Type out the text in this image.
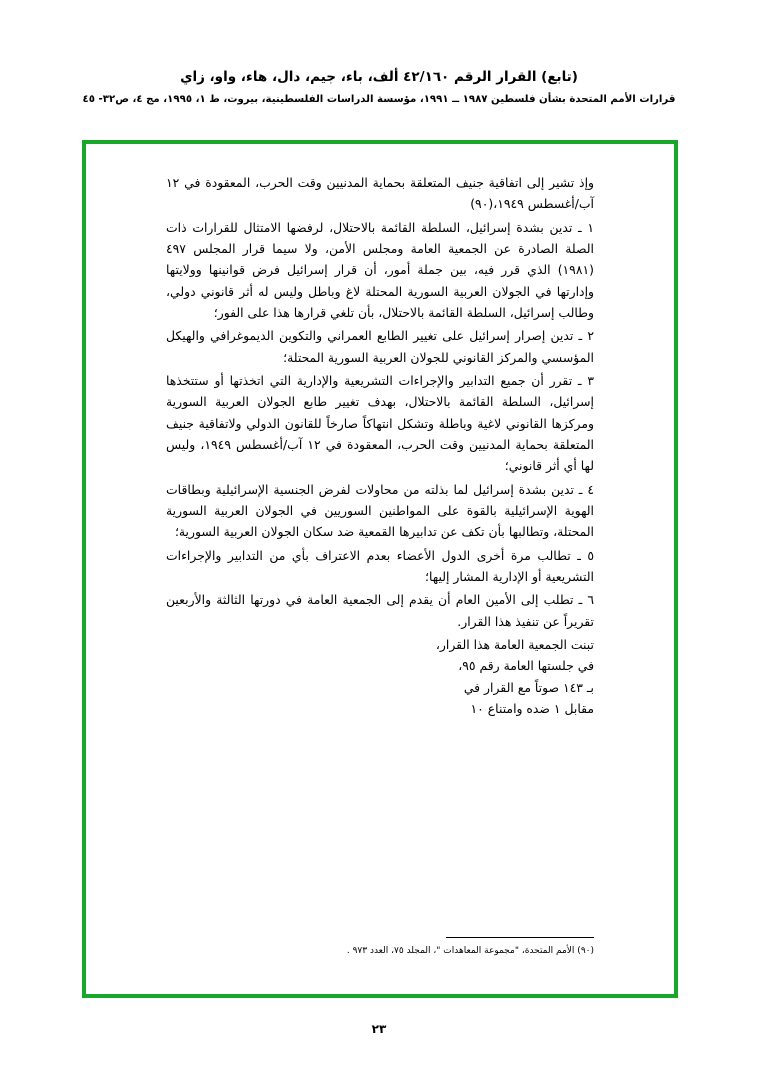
(تابع) القرار الرقم ٤٢/١٦٠ ألف، باء، جيم، دال، هاء، واو، زاي
قرارات الأمم المتحدة بشأن فلسطين ١٩٨٧ ــ ١٩٩١، مؤسسة الدراسات الفلسطينية، بيروت، ط ١، ١٩٩٥، مج ٤، ص٣٢- ٤٥

وإذ تشير إلى اتفاقية جنيف المتعلقة بحماية المدنيين وقت الحرب، المعقودة في ١٢ آب/أغسطس ١٩٤٩،(٩٠)

١ ـ تدين بشدة إسرائيل، السلطة القائمة بالاحتلال، لرفضها الامتثال للقرارات ذات الصلة الصادرة عن الجمعية العامة ومجلس الأمن، ولا سيما قرار المجلس ٤٩٧ (١٩٨١) الذي قرر فيه، بين جملة أمور، أن قرار إسرائيل فرض قوانينها وولايتها وإدارتها في الجولان العربية السورية المحتلة لاغ وباطل وليس له أثر قانوني دولي، وطالب إسرائيل، السلطة القائمة بالاحتلال، بأن تلغي قرارها هذا على الفور؛

٢ ـ تدين إصرار إسرائيل على تغيير الطابع العمراني والتكوين الديموغرافي والهيكل المؤسسي والمركز القانوني للجولان العربية السورية المحتلة؛

٣ ـ تقرر أن جميع التدابير والإجراءات التشريعية والإدارية التي اتخذتها أو ستتخذها إسرائيل، السلطة القائمة بالاحتلال، بهدف تغيير طابع الجولان العربية السورية ومركزها القانوني لاغية وباطلة وتشكل انتهاكاً صارخاً للقانون الدولي ولاتفاقية جنيف المتعلقة بحماية المدنيين وقت الحرب، المعقودة في ١٢ آب/أغسطس ١٩٤٩، وليس لها أي أثر قانوني؛

٤ ـ تدين بشدة إسرائيل لما بذلته من محاولات لفرض الجنسية الإسرائيلية وبطاقات الهوية الإسرائيلية بالقوة على المواطنين السوريين في الجولان العربية السورية المحتلة، وتطالبها بأن تكف عن تدابيرها القمعية ضد سكان الجولان العربية السورية؛

٥ ـ تطالب مرة أخرى الدول الأعضاء بعدم الاعتراف بأي من التدابير والإجراءات التشريعية أو الإدارية المشار إليها؛

٦ ـ تطلب إلى الأمين العام أن يقدم إلى الجمعية العامة في دورتها الثالثة والأربعين تقريراً عن تنفيذ هذا القرار.

تبنت الجمعية العامة هذا القرار،

في جلستها العامة رقم ٩٥،

بـ ١٤٣ صوتاً مع القرار في

مقابل ١ ضده وامتناع ١٠

(٩٠) الأمم المتحدة، "مجموعة المعاهدات "، المجلد ٧٥، العدد ٩٧٣ .
٢٣
